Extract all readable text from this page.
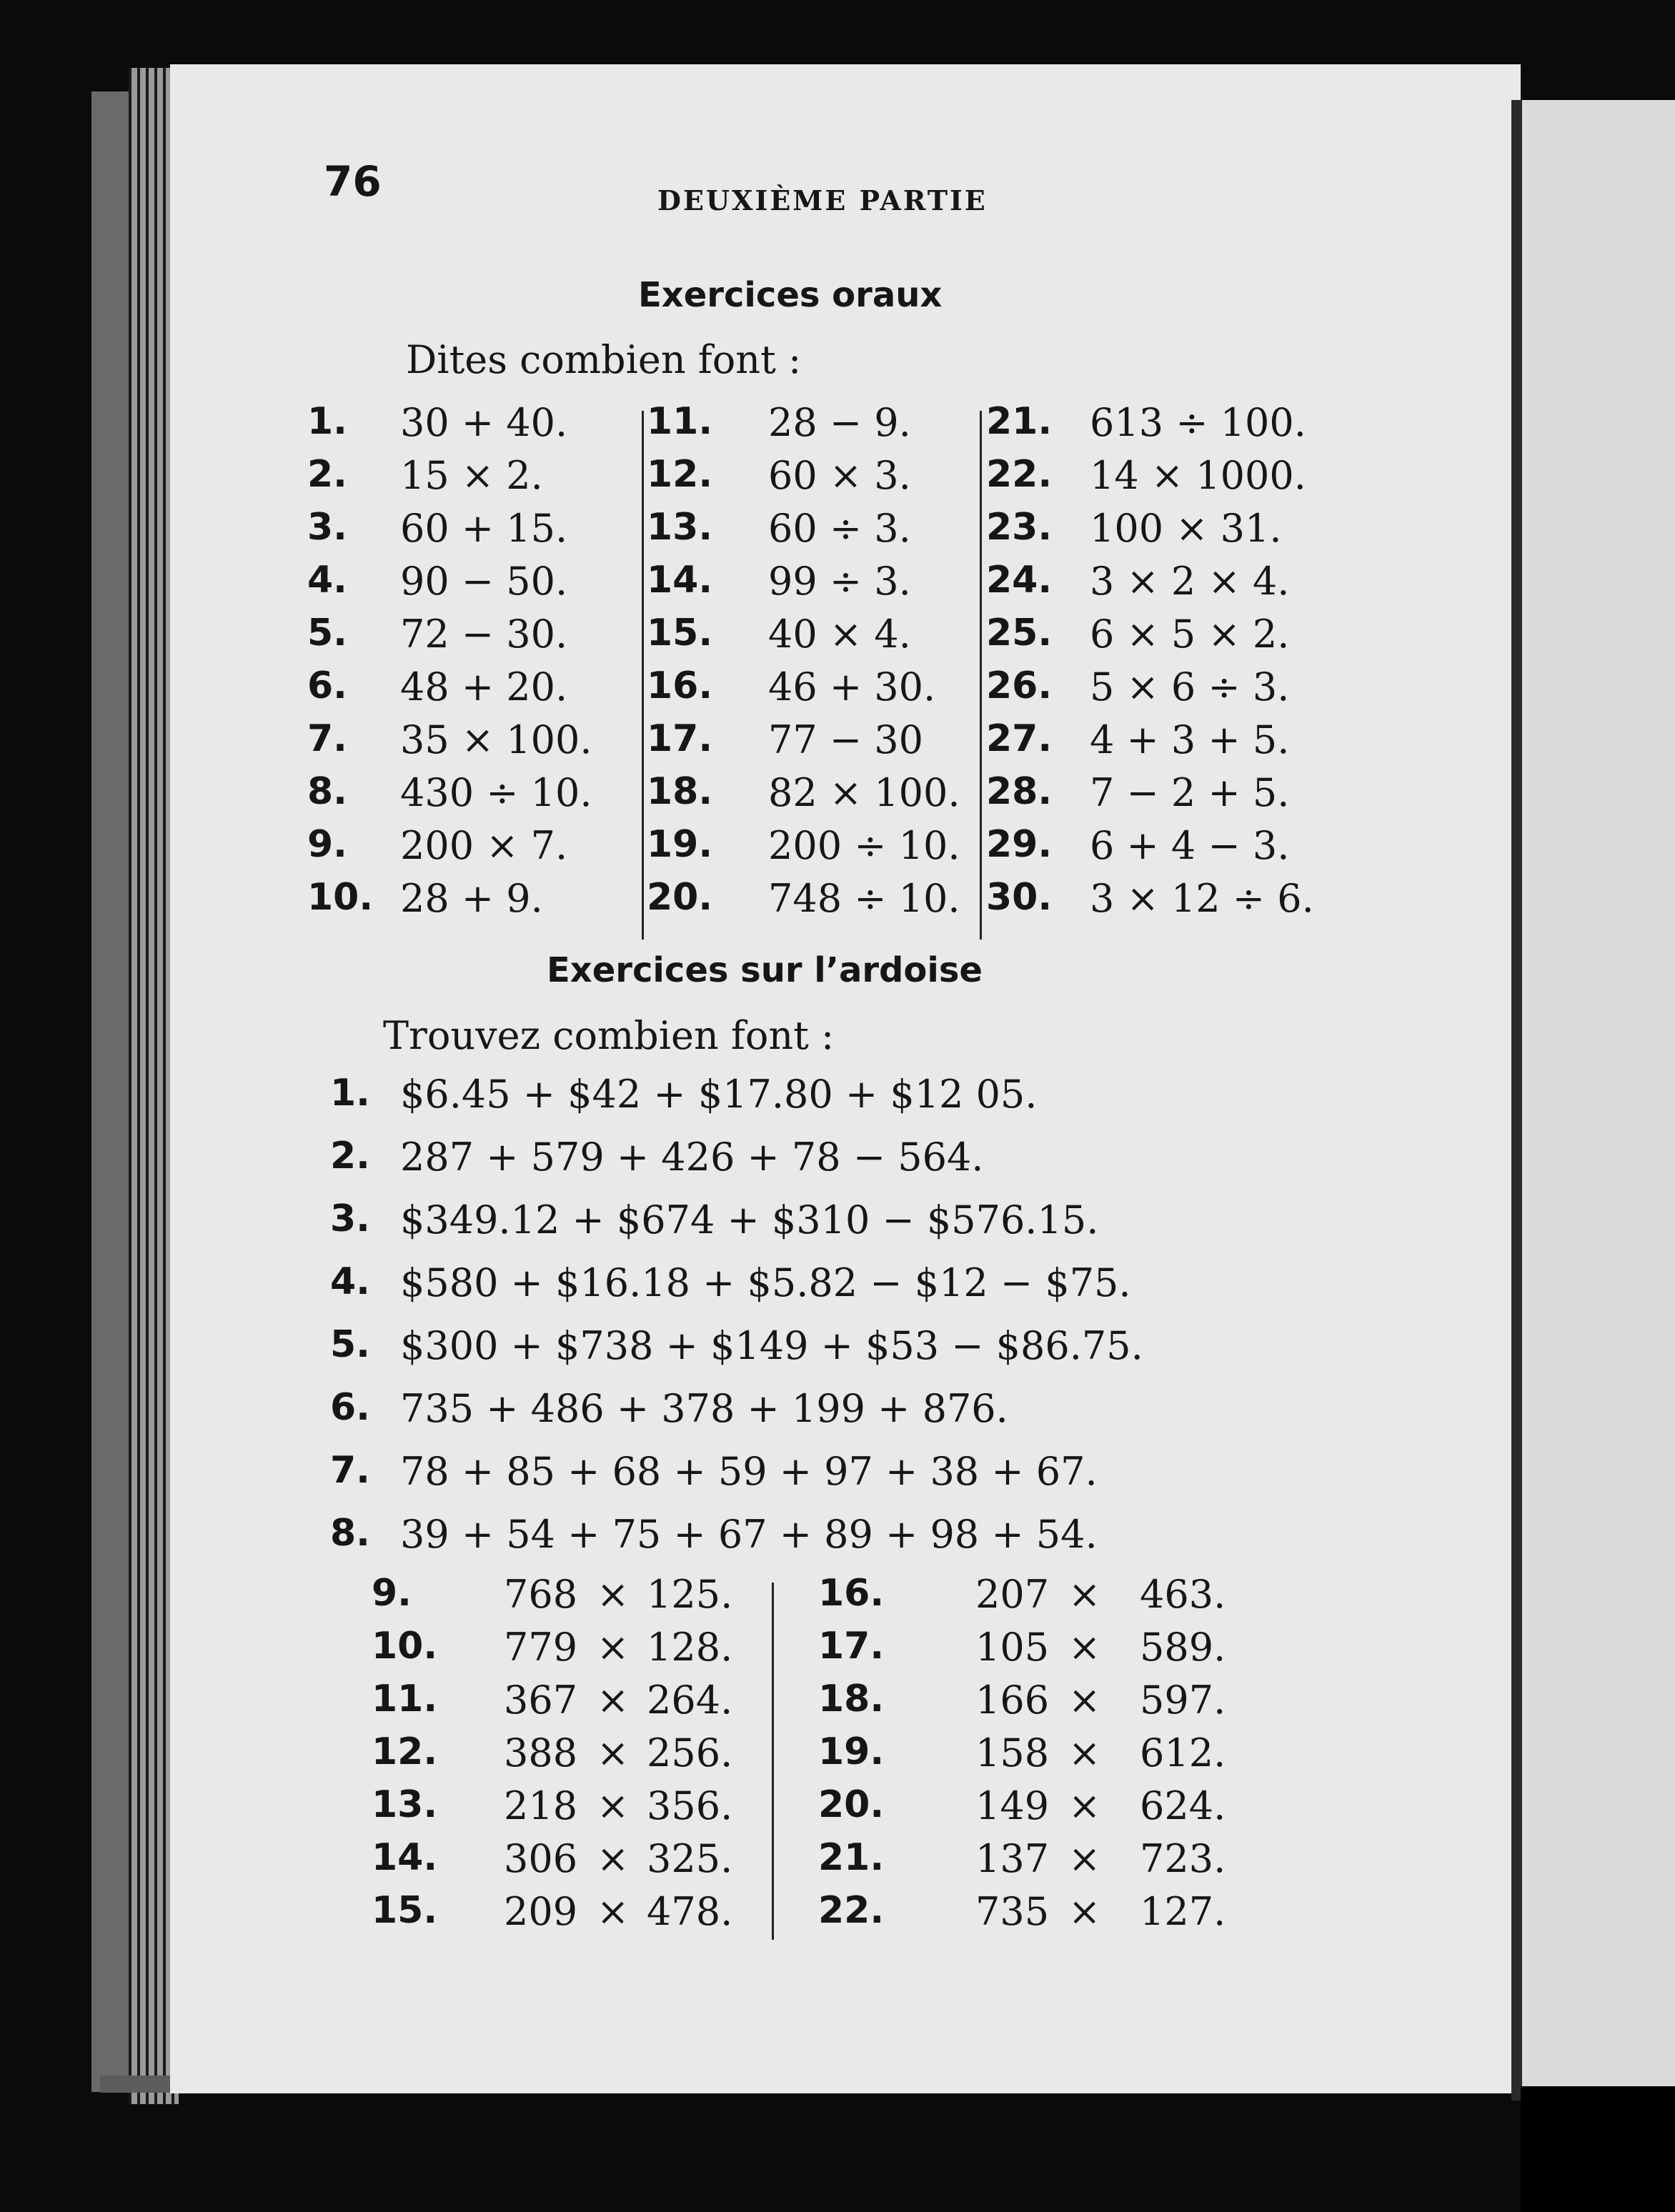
76	DEUXIÈME PARTIE
Exercices oraux
Dites combien font :
1. 30 + 40.
2. 15 × 2.
3. 60 + 15.
4. 90 − 50.
5. 72 − 30.
6. 48 + 20.
7. 35 × 100.
8. 430 ÷ 10.
9. 200 × 7.
10. 28 + 9.
11. 28 − 9.
12. 60 × 3.
13. 60 ÷ 3.
14. 99 ÷ 3.
15. 40 × 4.
16. 46 + 30.
17. 77 − 30
18. 82 × 100.
19. 200 ÷ 10.
20. 748 ÷ 10.
21. 613 ÷ 100.
22. 14 × 1000.
23. 100 × 31.
24. 3 × 2 × 4.
25. 6 × 5 × 2.
26. 5 × 6 ÷ 3.
27. 4 + 3 + 5.
28. 7 − 2 + 5.
29. 6 + 4 − 3.
30. 3 × 12 ÷ 6.
Exercices sur l’ardoise
Trouvez combien font :
1. $6.45 + $42 + $17.80 + $12 05.
2. 287 + 579 + 426 + 78 − 564.
3. $349.12 + $674 + $310 − $576.15.
4. $580 + $16.18 + $5.82 − $12 − $75.
5. $300 + $738 + $149 + $53 − $86.75.
6. 735 + 486 + 378 + 199 + 876.
7. 78 + 85 + 68 + 59 + 97 + 38 + 67.
8. 39 + 54 + 75 + 67 + 89 + 98 + 54.
9. 768 × 125.
10. 779 × 128.
11. 367 × 264.
12. 388 × 256.
13. 218 × 356.
14. 306 × 325.
15. 209 × 478.
16. 207 × 463.
17. 105 × 589.
18. 166 × 597.
19. 158 × 612.
20. 149 × 624.
21. 137 × 723.
22. 735 × 127.
